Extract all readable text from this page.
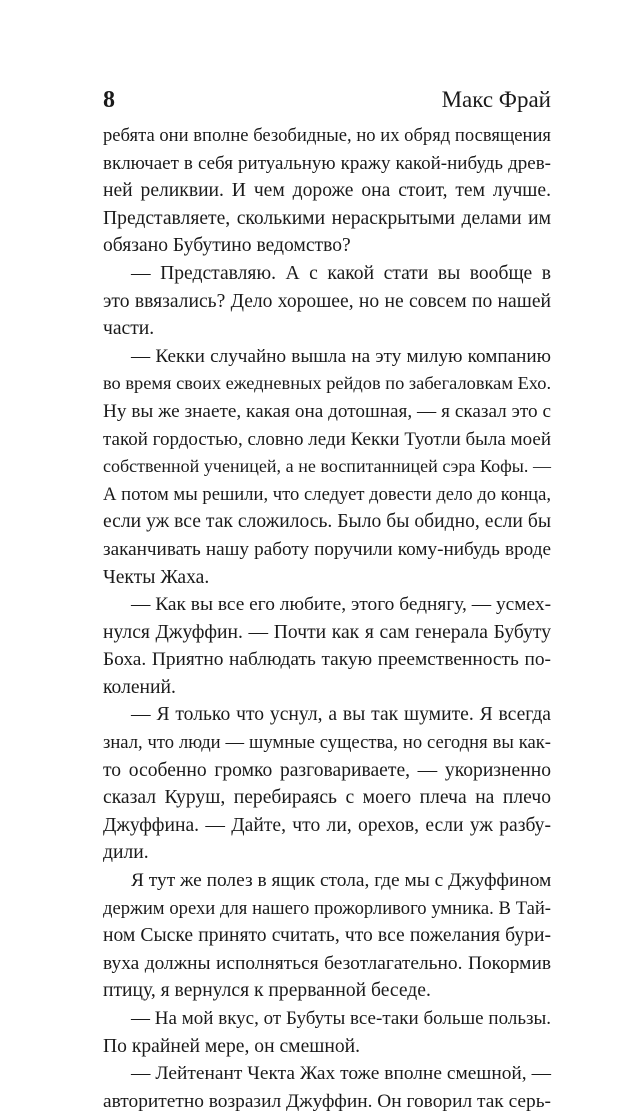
8	Макс Фрай
ребята они вполне безобидные, но их обряд посвящения
включает в себя ритуальную кражу какой-нибудь древ-
ней реликвии. И чем дороже она стоит, тем лучше.
Представляете, сколькими нераскрытыми делами им
обязано Бубутино ведомство?
— Представляю. А с какой стати вы вообще в
это ввязались? Дело хорошее, но не совсем по нашей
части.
— Кекки случайно вышла на эту милую компанию
во время своих ежедневных рейдов по забегаловкам Ехо.
Ну вы же знаете, какая она дотошная, — я сказал это с
такой гордостью, словно леди Кекки Туотли была моей
собственной ученицей, а не воспитанницей сэра Кофы. —
А потом мы решили, что следует довести дело до конца,
если уж все так сложилось. Было бы обидно, если бы
заканчивать нашу работу поручили кому-нибудь вроде
Чекты Жаха.
— Как вы все его любите, этого беднягу, — усмех-
нулся Джуффин. — Почти как я сам генерала Бубуту
Боха. Приятно наблюдать такую преемственность по-
колений.
— Я только что уснул, а вы так шумите. Я всегда
знал, что люди — шумные существа, но сегодня вы как-
то особенно громко разговариваете, — укоризненно
сказал Куруш, перебираясь с моего плеча на плечо
Джуффина. — Дайте, что ли, орехов, если уж разбу-
дили.
Я тут же полез в ящик стола, где мы с Джуффином
держим орехи для нашего прожорливого умника. В Тай-
ном Сыске принято считать, что все пожелания бури-
вуха должны исполняться безотлагательно. Покормив
птицу, я вернулся к прерванной беседе.
— На мой вкус, от Бубуты все-таки больше пользы.
По крайней мере, он смешной.
— Лейтенант Чекта Жах тоже вполне смешной, —
авторитетно возразил Джуффин. Он говорил так серь-
